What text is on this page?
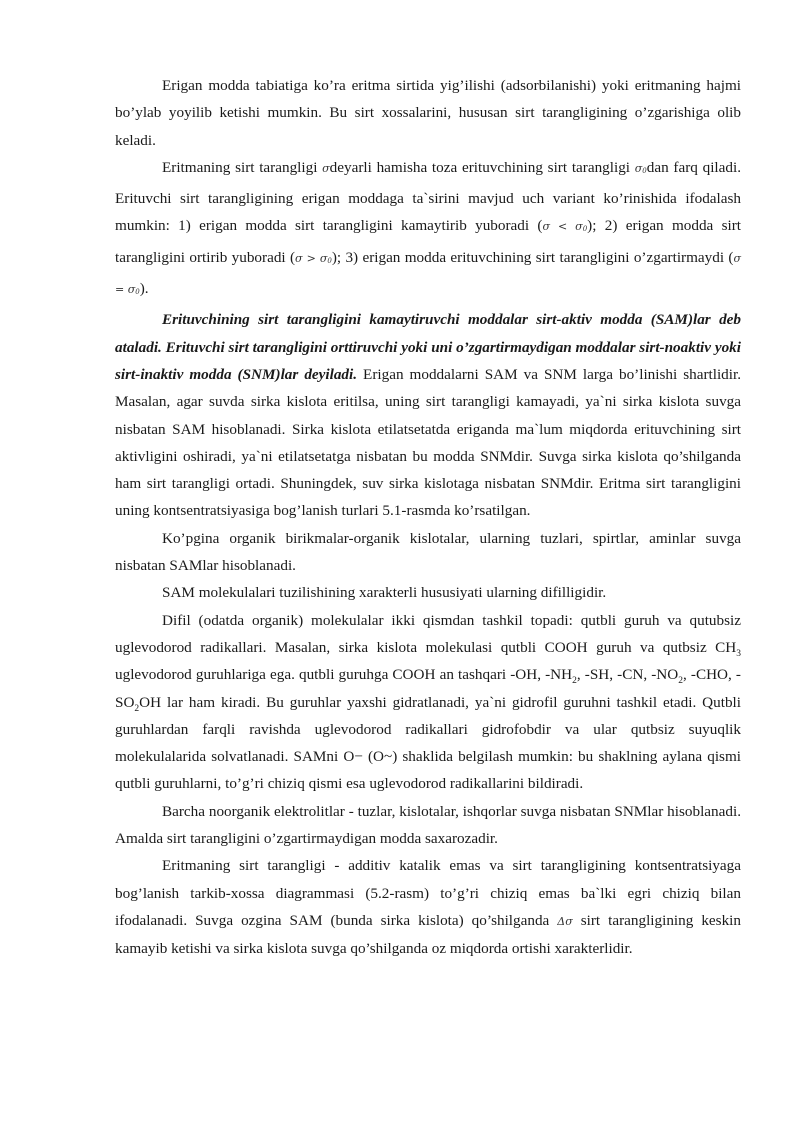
Erigan modda tabiatiga ko’ra eritma sirtida yig’ilishi (adsorbilanishi) yoki eritmaning hajmi bo’ylab yoyilib ketishi mumkin. Bu sirt xossalarini, hususan sirt tarangligining o’zgarishiga olib keladi.

Eritmaning sirt tarangligi σdeyarli hamisha toza erituvchining sirt tarangligi σ0dan farq qiladi. Erituvchi sirt tarangligining erigan moddaga ta`sirini mavjud uch variant ko’rinishida ifodalash mumkin: 1) erigan modda sirt tarangligini kamaytirib yuboradi (σ < σ0); 2) erigan modda sirt tarangligini ortirib yuboradi (σ > σ0); 3) erigan modda erituvchining sirt tarangligini o’zgartirmaydi (σ = σ0).

Erituvchining sirt tarangligini kamaytiruvchi moddalar sirt-aktiv modda (SAM)lar deb ataladi. Erituvchi sirt tarangligini orttiruvchi yoki uni o’zgartirmaydigan moddalar sirt-noaktiv yoki sirt-inaktiv modda (SNM)lar deyiladi. Erigan moddalarni SAM va SNM larga bo’linishi shartlidir. Masalan, agar suvda sirka kislota eritilsa, uning sirt tarangligi kamayadi, ya`ni sirka kislota suvga nisbatan SAM hisoblanadi. Sirka kislota etilatsetatda eriganda ma`lum miqdorda erituvchining sirt aktivligini oshiradi, ya`ni etilatsetatga nisbatan bu modda SNMdir. Suvga sirka kislota qo’shilganda ham sirt tarangligi ortadi. Shuningdek, suv sirka kislotaga nisbatan SNMdir. Eritma sirt tarangligini uning kontsentratsiyasiga bog’lanish turlari 5.1-rasmda ko’rsatilgan.

Ko’pgina organik birikmalar-organik kislotalar, ularning tuzlari, spirtlar, aminlar suvga nisbatan SAMlar hisoblanadi.

SAM molekulalari tuzilishining xarakterli hususiyati ularning difilligidir.

Difil (odatda organik) molekulalar ikki qismdan tashkil topadi: qutbli guruh va qutubsiz uglevodorod radikallari. Masalan, sirka kislota molekulasi qutbli COOH guruh va qutbsiz $CH_3$ uglevodorod guruhlariga ega. qutbli guruhga COOH an tashqari -OH, $-NH_2$, -SH, -CN, $-NO_2$, -CHO, $-SO_2OH$ lar ham kiradi. Bu guruhlar yaxshi gidratlanadi, ya`ni gidrofil guruhni tashkil etadi. Qutbli guruhlardan farqli ravishda uglevodorod radikallari gidrofobdir va ular qutbsiz suyuqlik molekulalarida solvatlanadi. SAMni O− (O~) shaklida belgilash mumkin: bu shaklning aylana qismi qutbli guruhlarni, to’g’ri chiziq qismi esa uglevodorod radikallarini bildiradi.

Barcha noorganik elektrolitlar - tuzlar, kislotalar, ishqorlar suvga nisbatan SNMlar hisoblanadi. Amalda sirt tarangligini o’zgartirmaydigan modda saxarozadir.

Eritmaning sirt tarangligi - additiv katalik emas va sirt tarangligining kontsentratsiyaga bog’lanish tarkib-xossa diagrammasi (5.2-rasm) to’g’ri chiziq emas ba`lki egri chiziq bilan ifodalanadi. Suvga ozgina SAM (bunda sirka kislota) qo’shilganda Δσ sirt tarangligining keskin kamayib ketishi va sirka kislota suvga qo’shilganda oz miqdorda ortishi xarakterlidir.
